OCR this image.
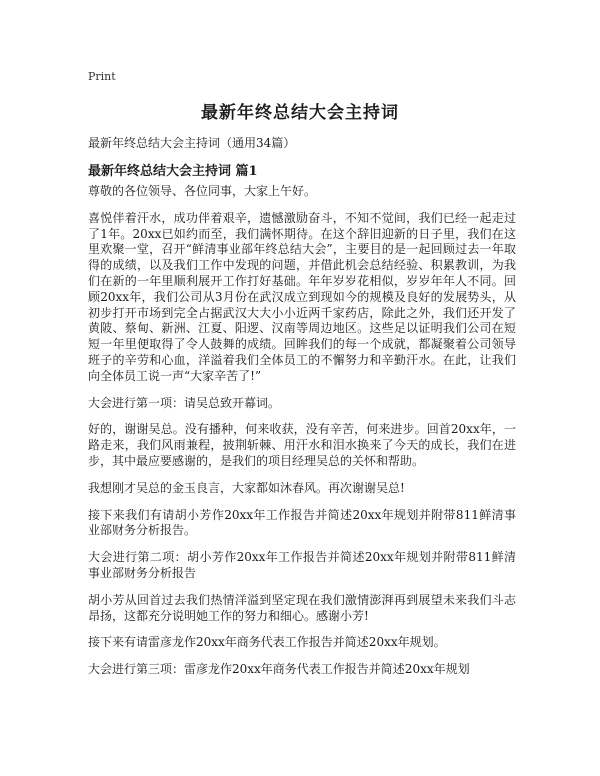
Print
最新年终总结大会主持词
最新年终总结大会主持词（通用34篇）
最新年终总结大会主持词 篇1

尊敬的各位领导、各位同事，大家上午好。

喜悦伴着汗水，成功伴着艰辛，遗憾激励奋斗，不知不觉间，我们已经一起走过了1年。20xx已如约而至，我们满怀期待。在这个辞旧迎新的日子里，我们在这里欢聚一堂，召开“鲜清事业部年终总结大会”，主要目的是一起回顾过去一年取得的成绩，以及我们工作中发现的问题，并借此机会总结经验、积累教训，为我们在新的一年里顺利展开工作打好基础。年年岁岁花相似，岁岁年年人不同。回顾20xx年，我们公司从3月份在武汉成立到现如今的规模及良好的发展势头，从初步打开市场到完全占据武汉大大小小近两千家药店，除此之外，我们还开发了黄陂、蔡甸、新洲、江夏、阳逻、汉南等周边地区。这些足以证明我们公司在短短一年里便取得了令人鼓舞的成绩。回眸我们的每一个成就，都凝聚着公司领导班子的辛劳和心血，洋溢着我们全体员工的不懈努力和辛勤汗水。在此，让我们向全体员工说一声“大家辛苦了!”

大会进行第一项：请吴总致开幕词。

好的，谢谢吴总。没有播种，何来收获，没有辛苦，何来进步。回首20xx年，一路走来，我们风雨兼程，披荆斩棘、用汗水和泪水换来了今天的成长，我们在进步，其中最应要感谢的，是我们的项目经理吴总的关怀和帮助。

我想刚才吴总的金玉良言，大家都如沐春风。再次谢谢吴总!

接下来我们有请胡小芳作20xx年工作报告并简述20xx年规划并附带811鲜清事业部财务分析报告。

大会进行第二项：胡小芳作20xx年工作报告并简述20xx年规划并附带811鲜清事业部财务分析报告

胡小芳从回首过去我们热情洋溢到坚定现在我们激情澎湃再到展望未来我们斗志昂扬，这都充分说明她工作的努力和细心。感谢小芳!

接下来有请雷彦龙作20xx年商务代表工作报告并简述20xx年规划。

大会进行第三项：雷彦龙作20xx年商务代表工作报告并简述20xx年规划
